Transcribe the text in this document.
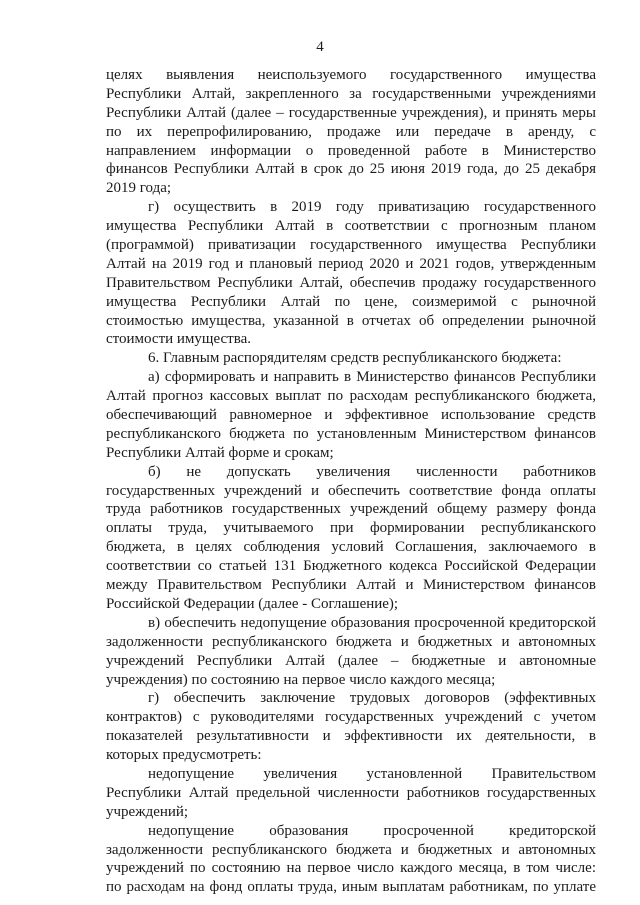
4
целях выявления неиспользуемого государственного имущества
Республики Алтай, закрепленного за государственными учреждениями
Республики Алтай (далее – государственные учреждения), и принять меры
по их перепрофилированию, продаже или передаче в аренду, с
направлением информации о проведенной работе в Министерство
финансов Республики Алтай в срок до 25 июня 2019 года, до 25 декабря
2019 года;
г) осуществить в 2019 году приватизацию государственного
имущества Республики Алтай в соответствии с прогнозным планом
(программой) приватизации государственного имущества Республики
Алтай на 2019 год и плановый период 2020 и 2021 годов, утвержденным
Правительством Республики Алтай, обеспечив продажу государственного
имущества Республики Алтай по цене, соизмеримой с рыночной
стоимостью имущества, указанной в отчетах об определении рыночной
стоимости имущества.
6. Главным распорядителям средств республиканского бюджета:
а) сформировать и направить в Министерство финансов Республики
Алтай прогноз кассовых выплат по расходам республиканского бюджета,
обеспечивающий равномерное и эффективное использование средств
республиканского бюджета по установленным Министерством финансов
Республики Алтай форме и срокам;
б) не допускать увеличения численности работников
государственных учреждений и обеспечить соответствие фонда оплаты
труда работников государственных учреждений общему размеру фонда
оплаты труда, учитываемого при формировании республиканского
бюджета, в целях соблюдения условий Соглашения, заключаемого в
соответствии со статьей 131 Бюджетного кодекса Российской Федерации
между Правительством Республики Алтай и Министерством финансов
Российской Федерации (далее - Соглашение);
в) обеспечить недопущение образования просроченной кредиторской
задолженности республиканского бюджета и бюджетных и автономных
учреждений Республики Алтай (далее – бюджетные и автономные
учреждения) по состоянию на первое число каждого месяца;
г) обеспечить заключение трудовых договоров (эффективных
контрактов) с руководителями государственных учреждений с учетом
показателей результативности и эффективности их деятельности, в
которых предусмотреть:
недопущение увеличения установленной Правительством
Республики Алтай предельной численности работников государственных
учреждений;
недопущение образования просроченной кредиторской
задолженности республиканского бюджета и бюджетных и автономных
учреждений по состоянию на первое число каждого месяца, в том числе:
по расходам на фонд оплаты труда, иным выплатам работникам, по уплате
